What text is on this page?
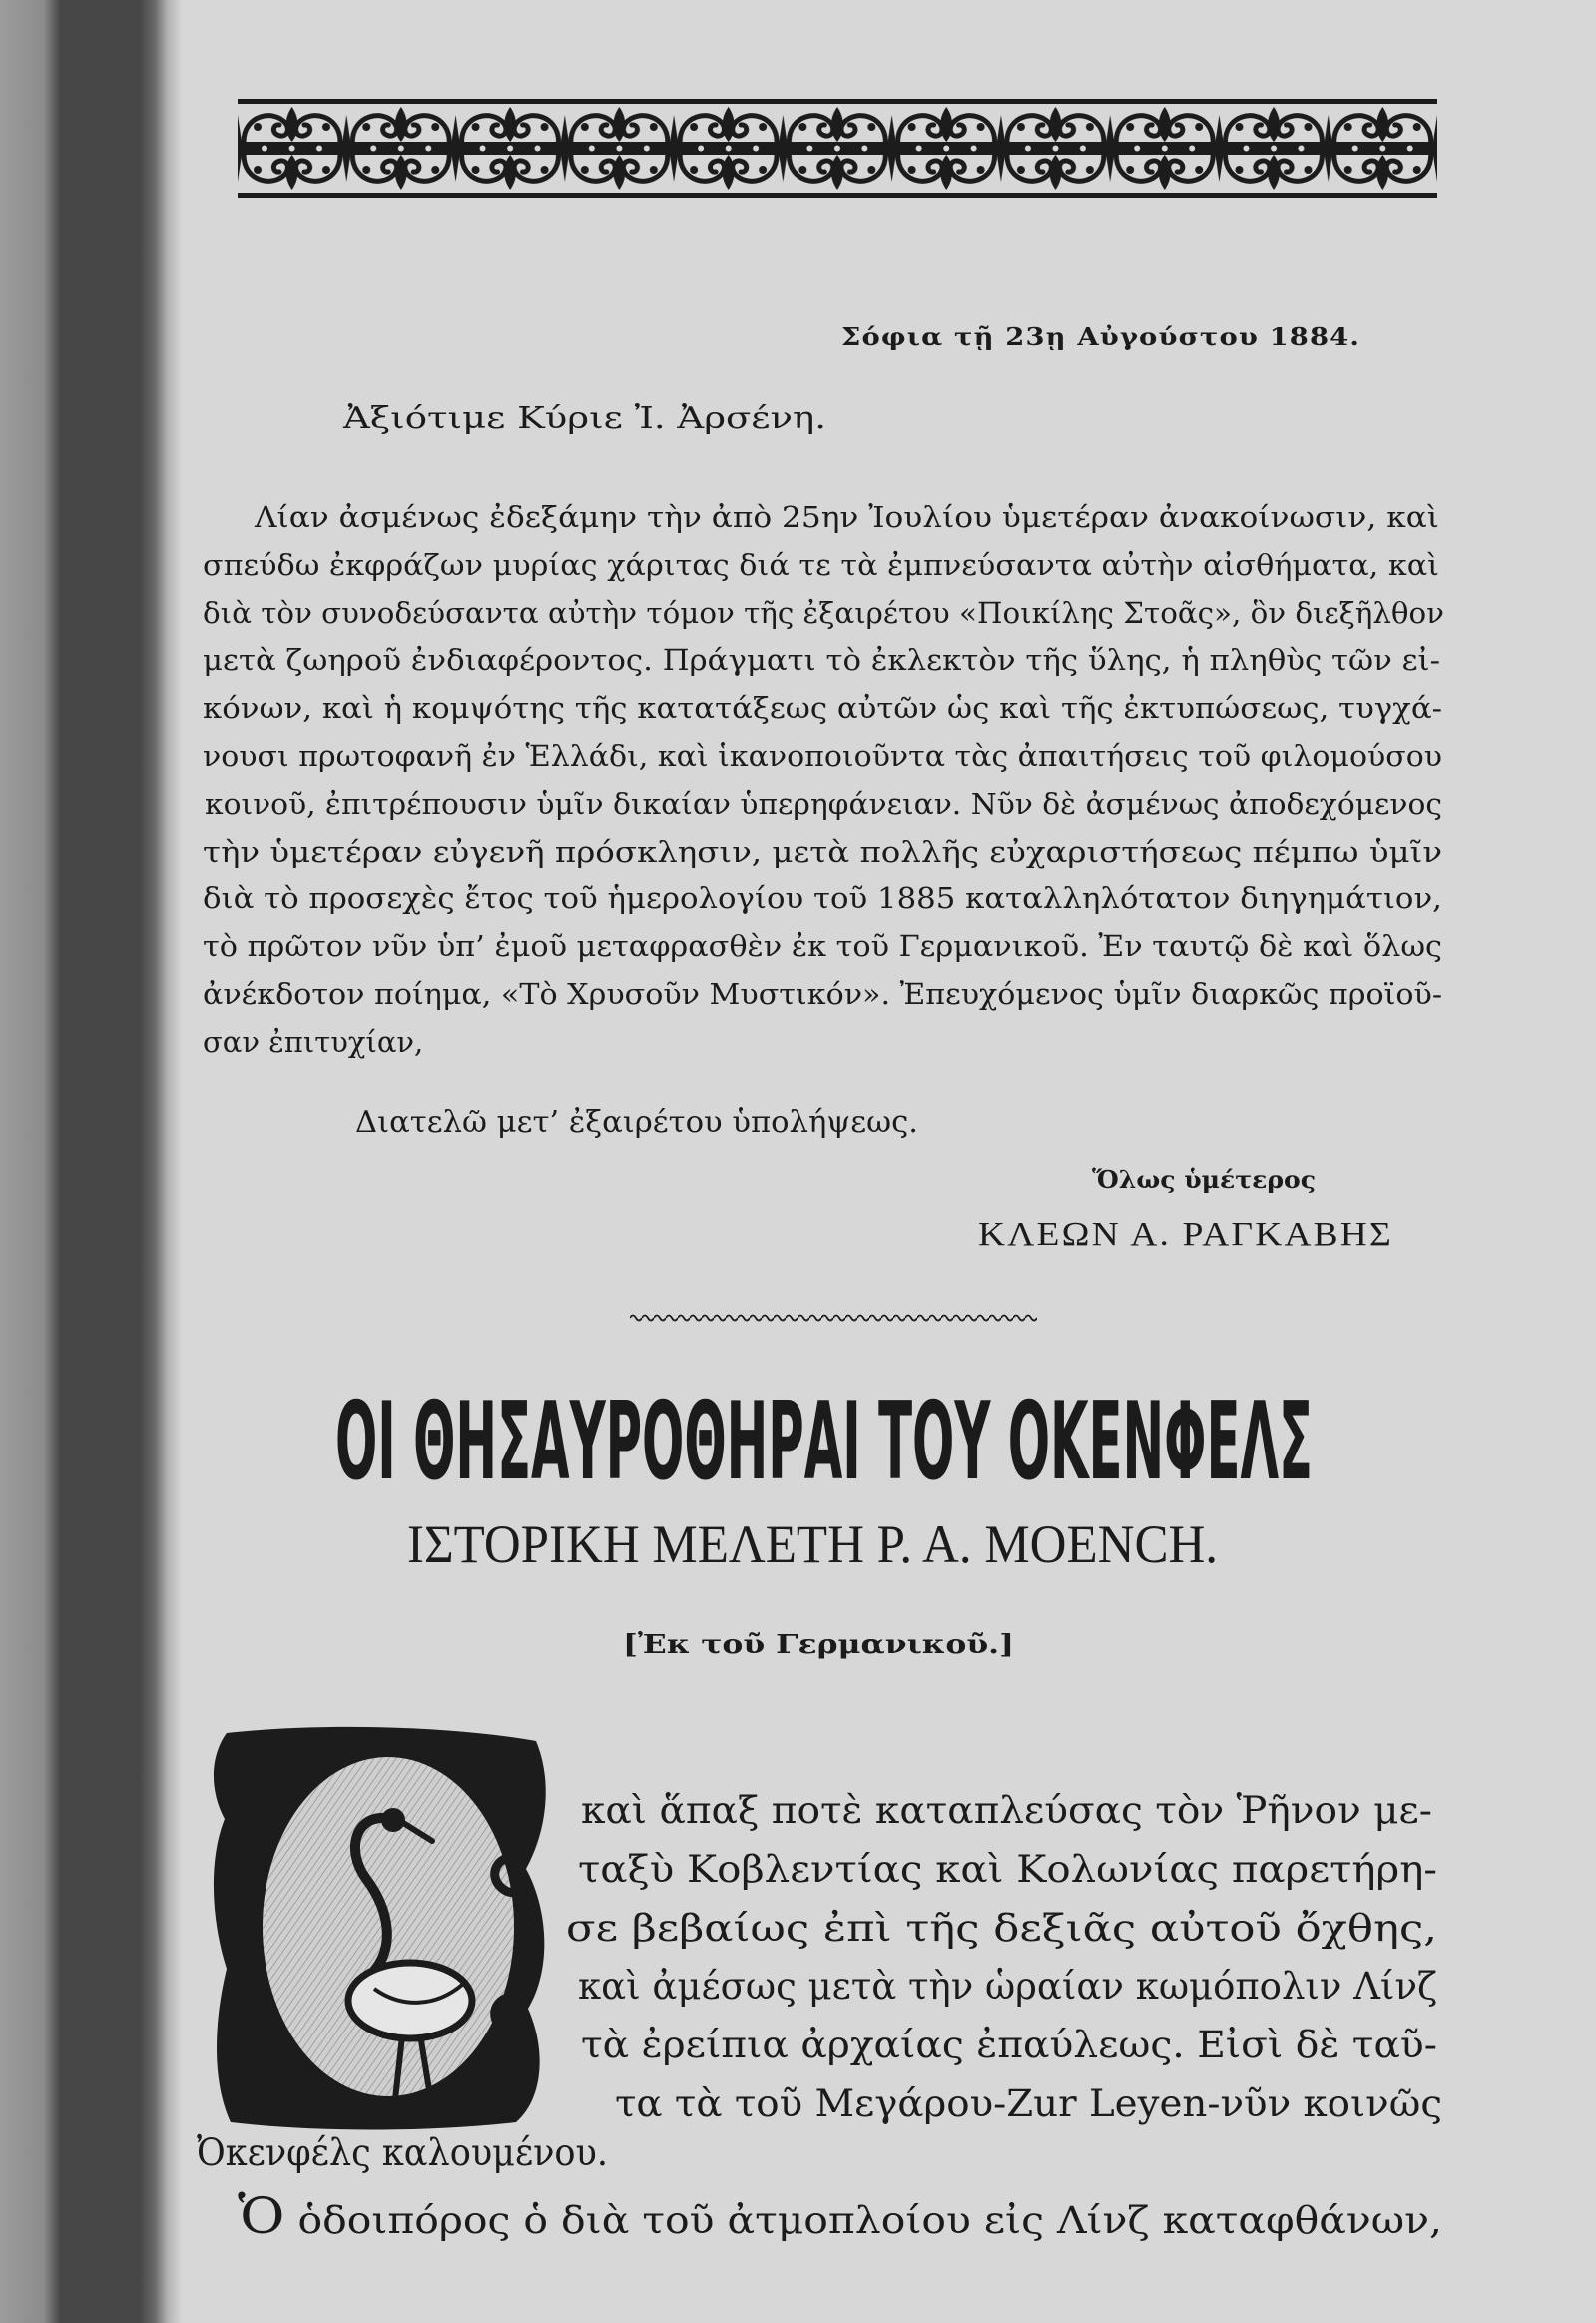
Σόφια τῇ 23ῃ Αὐγούστου 1884.
Ἀξιότιμε Κύριε Ἰ. Ἀρσένη.
Λίαν ἀσμένως ἐδεξάμην τὴν ἀπὸ 25ην Ἰουλίου ὑμετέραν ἀνακοίνωσιν, καὶ
σπεύδω ἐκφράζων μυρίας χάριτας διά τε τὰ ἐμπνεύσαντα αὐτὴν αἰσθήματα, καὶ
διὰ τὸν συνοδεύσαντα αὐτὴν τόμον τῆς ἐξαιρέτου «Ποικίλης Στοᾶς», ὃν διεξῆλθον
μετὰ ζωηροῦ ἐνδιαφέροντος. Πράγματι τὸ ἐκλεκτὸν τῆς ὕλης, ἡ πληθὺς τῶν εἰ-
κόνων, καὶ ἡ κομψότης τῆς κατατάξεως αὐτῶν ὡς καὶ τῆς ἐκτυπώσεως, τυγχά-
νουσι πρωτοφανῆ ἐν Ἑλλάδι, καὶ ἱκανοποιοῦντα τὰς ἀπαιτήσεις τοῦ φιλομούσου
κοινοῦ, ἐπιτρέπουσιν ὑμῖν δικαίαν ὑπερηφάνειαν. Νῦν δὲ ἀσμένως ἀποδεχόμενος
τὴν ὑμετέραν εὐγενῆ πρόσκλησιν, μετὰ πολλῆς εὐχαριστήσεως πέμπω ὑμῖν
διὰ τὸ προσεχὲς ἔτος τοῦ ἡμερολογίου τοῦ 1885 καταλληλότατον διηγημάτιον,
τὸ πρῶτον νῦν ὑπ’ ἐμοῦ μεταφρασθὲν ἐκ τοῦ Γερμανικοῦ. Ἐν ταυτῷ δὲ καὶ ὅλως
ἀνέκδοτον ποίημα, «Τὸ Χρυσοῦν Μυστικόν». Ἐπευχόμενος ὑμῖν διαρκῶς προϊοῦ-
σαν ἐπιτυχίαν,
Διατελῶ μετ’ ἐξαιρέτου ὑπολήψεως.
Ὅλως ὑμέτερος
ΚΛΕΩΝ Α. ΡΑΓΚΑΒΗΣ
ΟΙ ΘΗΣΑΥΡΟΘΗΡΑΙ ΤΟΥ ΟΚΕΝΦΕΛΣ
ΙΣΤΟΡΙΚΗ ΜΕΛΕΤΗ Ρ. Α. ΜΟΕΝCΗ.
[Ἐκ τοῦ Γερμανικοῦ.]
καὶ ἅπαξ ποτὲ καταπλεύσας τὸν Ῥῆνον με-
ταξὺ Κοβλεντίας καὶ Κολωνίας παρετήρη-
σε βεβαίως ἐπὶ τῆς δεξιᾶς αὐτοῦ ὄχθης,
καὶ ἀμέσως μετὰ τὴν ὡραίαν κωμόπολιν Λίνζ
τὰ ἐρείπια ἀρχαίας ἐπαύλεως. Εἰσὶ δὲ ταῦ-
τα τὰ τοῦ Μεγάρου-Zur Leyen-νῦν κοινῶς
Ὀκενφέλς καλουμένου.
Ὁ ὁδοιπόρος ὁ διὰ τοῦ ἀτμοπλοίου εἰς Λίνζ καταφθάνων,
